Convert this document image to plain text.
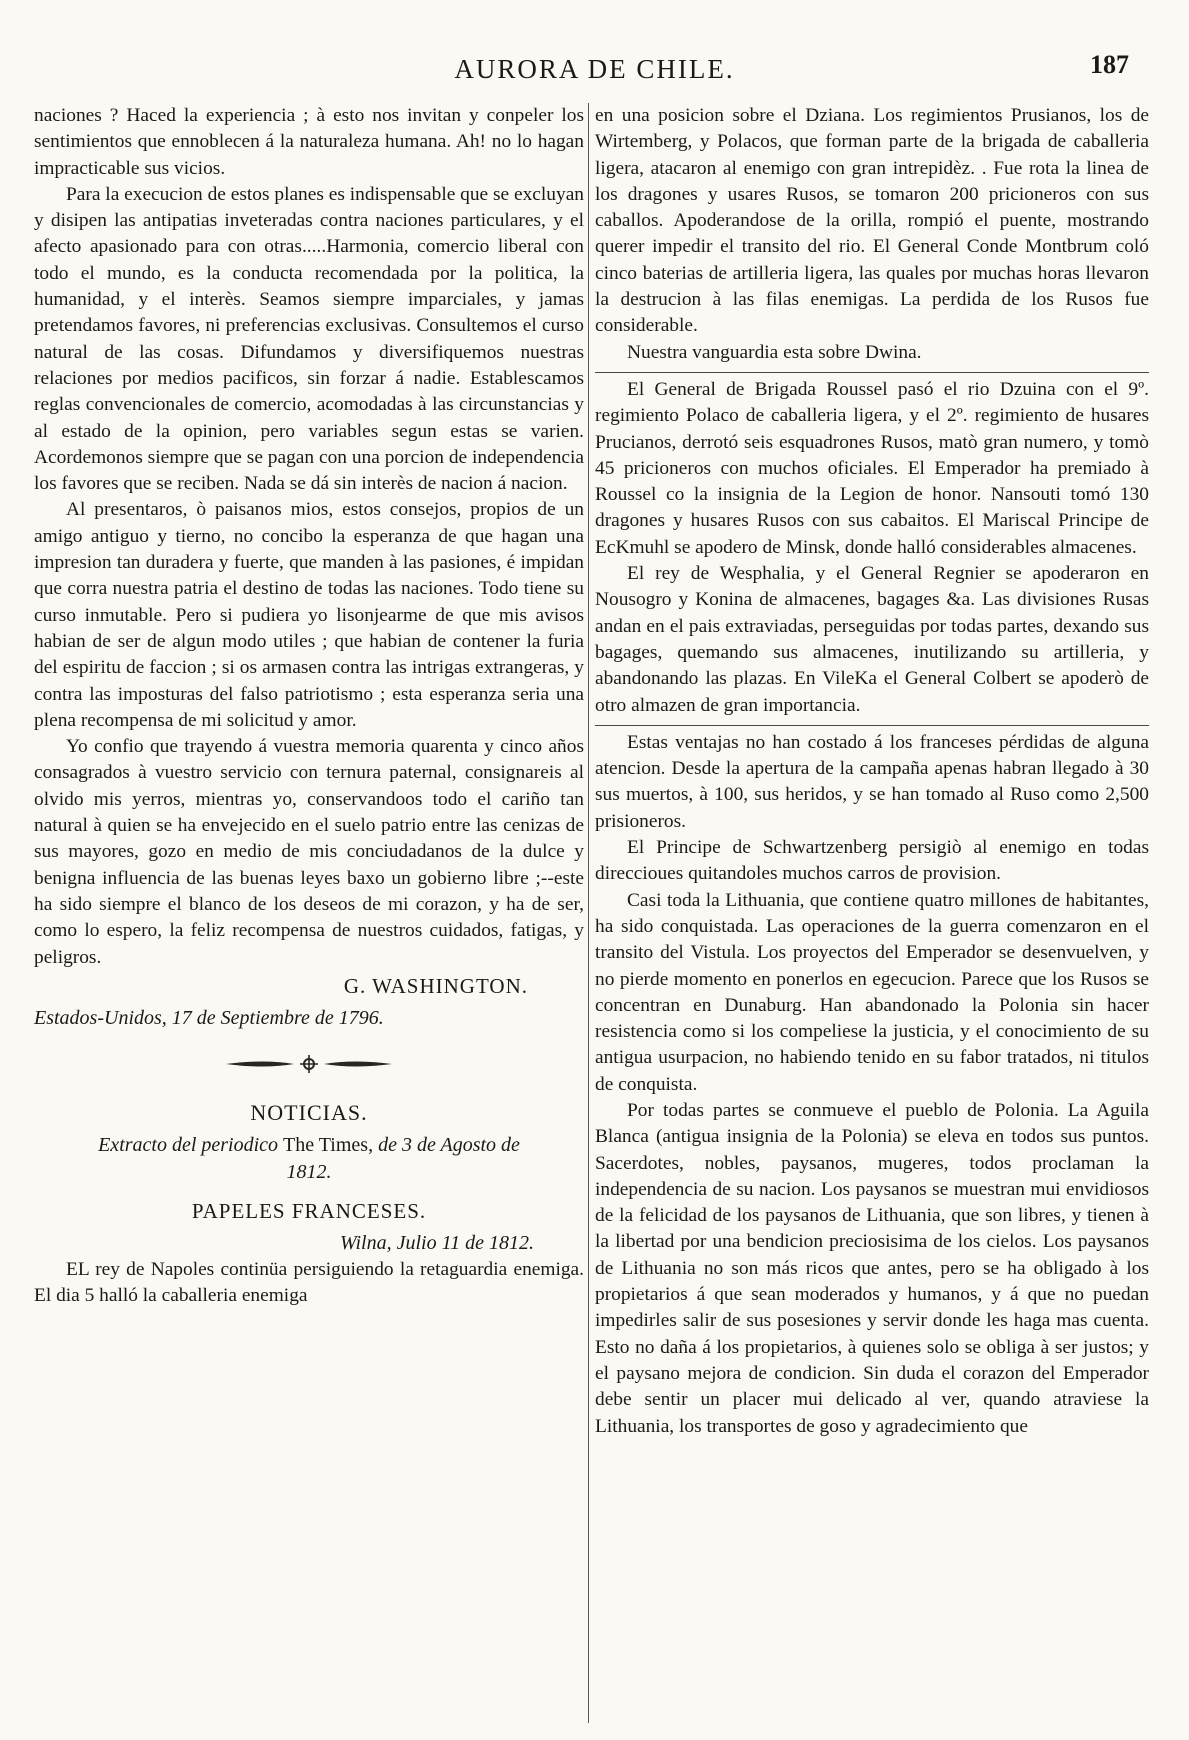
AURORA DE CHILE.	187

naciones ? Haced la experiencia ; à esto nos invitan y conpeler los sentimientos que ennoblecen á la naturaleza humana. Ah! no lo hagan impracticable sus vicios.

Para la execucion de estos planes es indispensable que se excluyan y disipen las antipatias inveteradas contra naciones particulares, y el afecto apasionado para con otras.....Harmonia, comercio liberal con todo el mundo, es la conducta recomendada por la politica, la humanidad, y el interès. Seamos siempre imparciales, y jamas pretendamos favores, ni preferencias exclusivas. Consultemos el curso natural de las cosas. Difundamos y diversifiquemos nuestras relaciones por medios pacificos, sin forzar á nadie. Establescamos reglas convencionales de comercio, acomodadas à las circunstancias y al estado de la opinion, pero variables segun estas se varien. Acordemonos siempre que se pagan con una porcion de independencia los favores que se reciben. Nada se dá sin interès de nacion á nacion.

Al presentaros, ò paisanos mios, estos consejos, propios de un amigo antiguo y tierno, no concibo la esperanza de que hagan una impresion tan duradera y fuerte, que manden à las pasiones, é impidan que corra nuestra patria el destino de todas las naciones. Todo tiene su curso inmutable. Pero si pudiera yo lisonjearme de que mis avisos habian de ser de algun modo utiles ; que habian de contener la furia del espiritu de faccion ; si os armasen contra las intrigas extrangeras, y contra las imposturas del falso patriotismo ; esta esperanza seria una plena recompensa de mi solicitud y amor.

Yo confio que trayendo á vuestra memoria quarenta y cinco años consagrados à vuestro servicio con ternura paternal, consignareis al olvido mis yerros, mientras yo, conservandoos todo el cariño tan natural à quien se ha envejecido en el suelo patrio entre las cenizas de sus mayores, gozo en medio de mis conciudadanos de la dulce y benigna influencia de las buenas leyes baxo un gobierno libre ;--este ha sido siempre el blanco de los deseos de mi corazon, y ha de ser, como lo espero, la feliz recompensa de nuestros cuidados, fatigas, y peligros.

G. WASHINGTON.
Estados-Unidos, 17 de Septiembre de 1796.
NOTICIAS.
Extracto del periodico The Times, de 3 de Agosto de 1812.
PAPELES FRANCESES.
Wilna, Julio 11 de 1812.

EL rey de Napoles continüa persiguiendo la retaguardia enemiga. El dia 5 halló la caballeria enemiga

en una posicion sobre el Dziana. Los regimientos Prusianos, los de Wirtemberg, y Polacos, que forman parte de la brigada de caballeria ligera, atacaron al enemigo con gran intrepidèz. . Fue rota la linea de los dragones y usares Rusos, se tomaron 200 pricioneros con sus caballos. Apoderandose de la orilla, rompió el puente, mostrando querer impedir el transito del rio. El General Conde Montbrum coló cinco baterias de artilleria ligera, las quales por muchas horas llevaron la destrucion à las filas enemigas. La perdida de los Rusos fue considerable.

Nuestra vanguardia esta sobre Dwina.

El General de Brigada Roussel pasó el rio Dzuina con el 9º. regimiento Polaco de caballeria ligera, y el 2º. regimiento de husares Prucianos, derrotó seis esquadrones Rusos, matò gran numero, y tomò 45 pricioneros con muchos oficiales. El Emperador ha premiado à Roussel co la insignia de la Legion de honor. Nansouti tomó 130 dragones y husares Rusos con sus cabaitos. El Mariscal Principe de EcKmuhl se apodero de Minsk, donde halló considerables almacenes.

El rey de Wesphalia, y el General Regnier se apoderaron en Nousogro y Konina de almacenes, bagages &a. Las divisiones Rusas andan en el pais extraviadas, perseguidas por todas partes, dexando sus bagages, quemando sus almacenes, inutilizando su artilleria, y abandonando las plazas. En VileKa el General Colbert se apoderò de otro almazen de gran importancia.

Estas ventajas no han costado á los franceses pérdidas de alguna atencion. Desde la apertura de la campaña apenas habran llegado à 30 sus muertos, à 100, sus heridos, y se han tomado al Ruso como 2,500 prisioneros.

El Principe de Schwartzenberg persigiò al enemigo en todas direccioues quitandoles muchos carros de provision.

Casi toda la Lithuania, que contiene quatro millones de habitantes, ha sido conquistada. Las operaciones de la guerra comenzaron en el transito del Vistula. Los proyectos del Emperador se desenvuelven, y no pierde momento en ponerlos en egecucion. Parece que los Rusos se concentran en Dunaburg. Han abandonado la Polonia sin hacer resistencia como si los compeliese la justicia, y el conocimiento de su antigua usurpacion, no habiendo tenido en su fabor tratados, ni titulos de conquista.

Por todas partes se conmueve el pueblo de Polonia. La Aguila Blanca (antigua insignia de la Polonia) se eleva en todos sus puntos. Sacerdotes, nobles, paysanos, mugeres, todos proclaman la independencia de su nacion. Los paysanos se muestran mui envidiosos de la felicidad de los paysanos de Lithuania, que son libres, y tienen à la libertad por una bendicion preciosisima de los cielos. Los paysanos de Lithuania no son más ricos que antes, pero se ha obligado à los propietarios á que sean moderados y humanos, y á que no puedan impedirles salir de sus posesiones y servir donde les haga mas cuenta. Esto no daña á los propietarios, à quienes solo se obliga à ser justos; y el paysano mejora de condicion. Sin duda el corazon del Emperador debe sentir un placer mui delicado al ver, quando atraviese la Lithuania, los transportes de goso y agradecimiento que
